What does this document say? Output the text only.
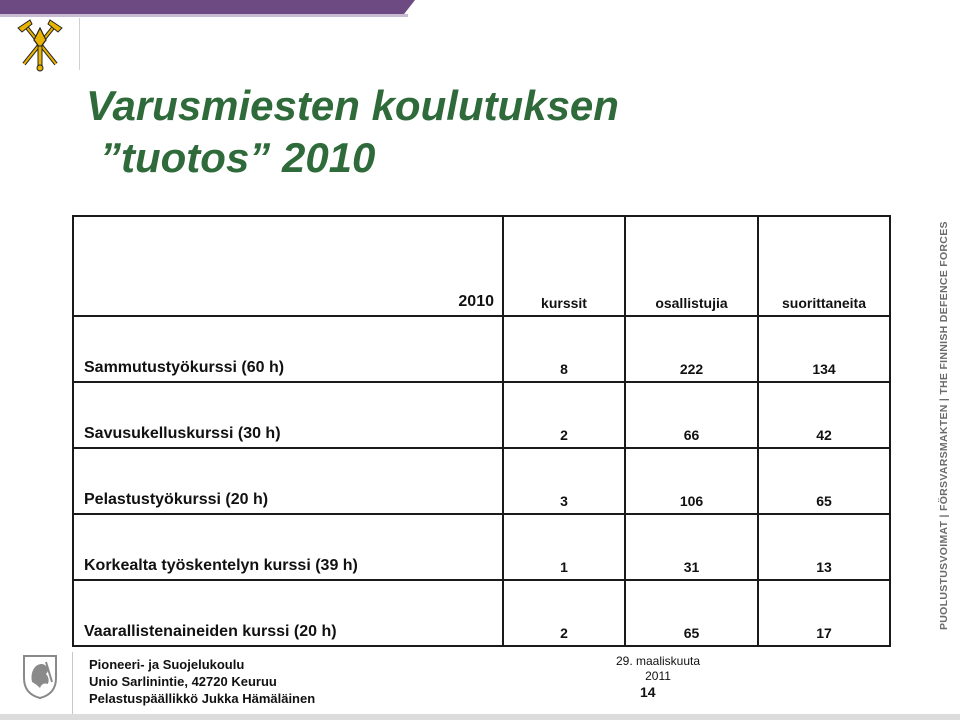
Varusmiesten koulutuksen
”tuotos” 2010
2010	kurssit	osallistujia	suorittaneita
Sammutustyökurssi (60 h)	8	222	134
Savusukelluskurssi (30 h)	2	66	42
Pelastustyökurssi (20 h)	3	106	65
Korkealta työskentelyn kurssi (39 h)	1	31	13
Vaarallistenaineiden kurssi (20 h)	2	65	17
PUOLUSTUSVOIMAT | FÖRSVARSMAKTEN | THE FINNISH DEFENCE FORCES
Pioneeri- ja Suojelukoulu
Unio Sarlinintie, 42720 Keuruu
Pelastuspäällikkö Jukka Hämäläinen
29. maaliskuuta 2011
14
